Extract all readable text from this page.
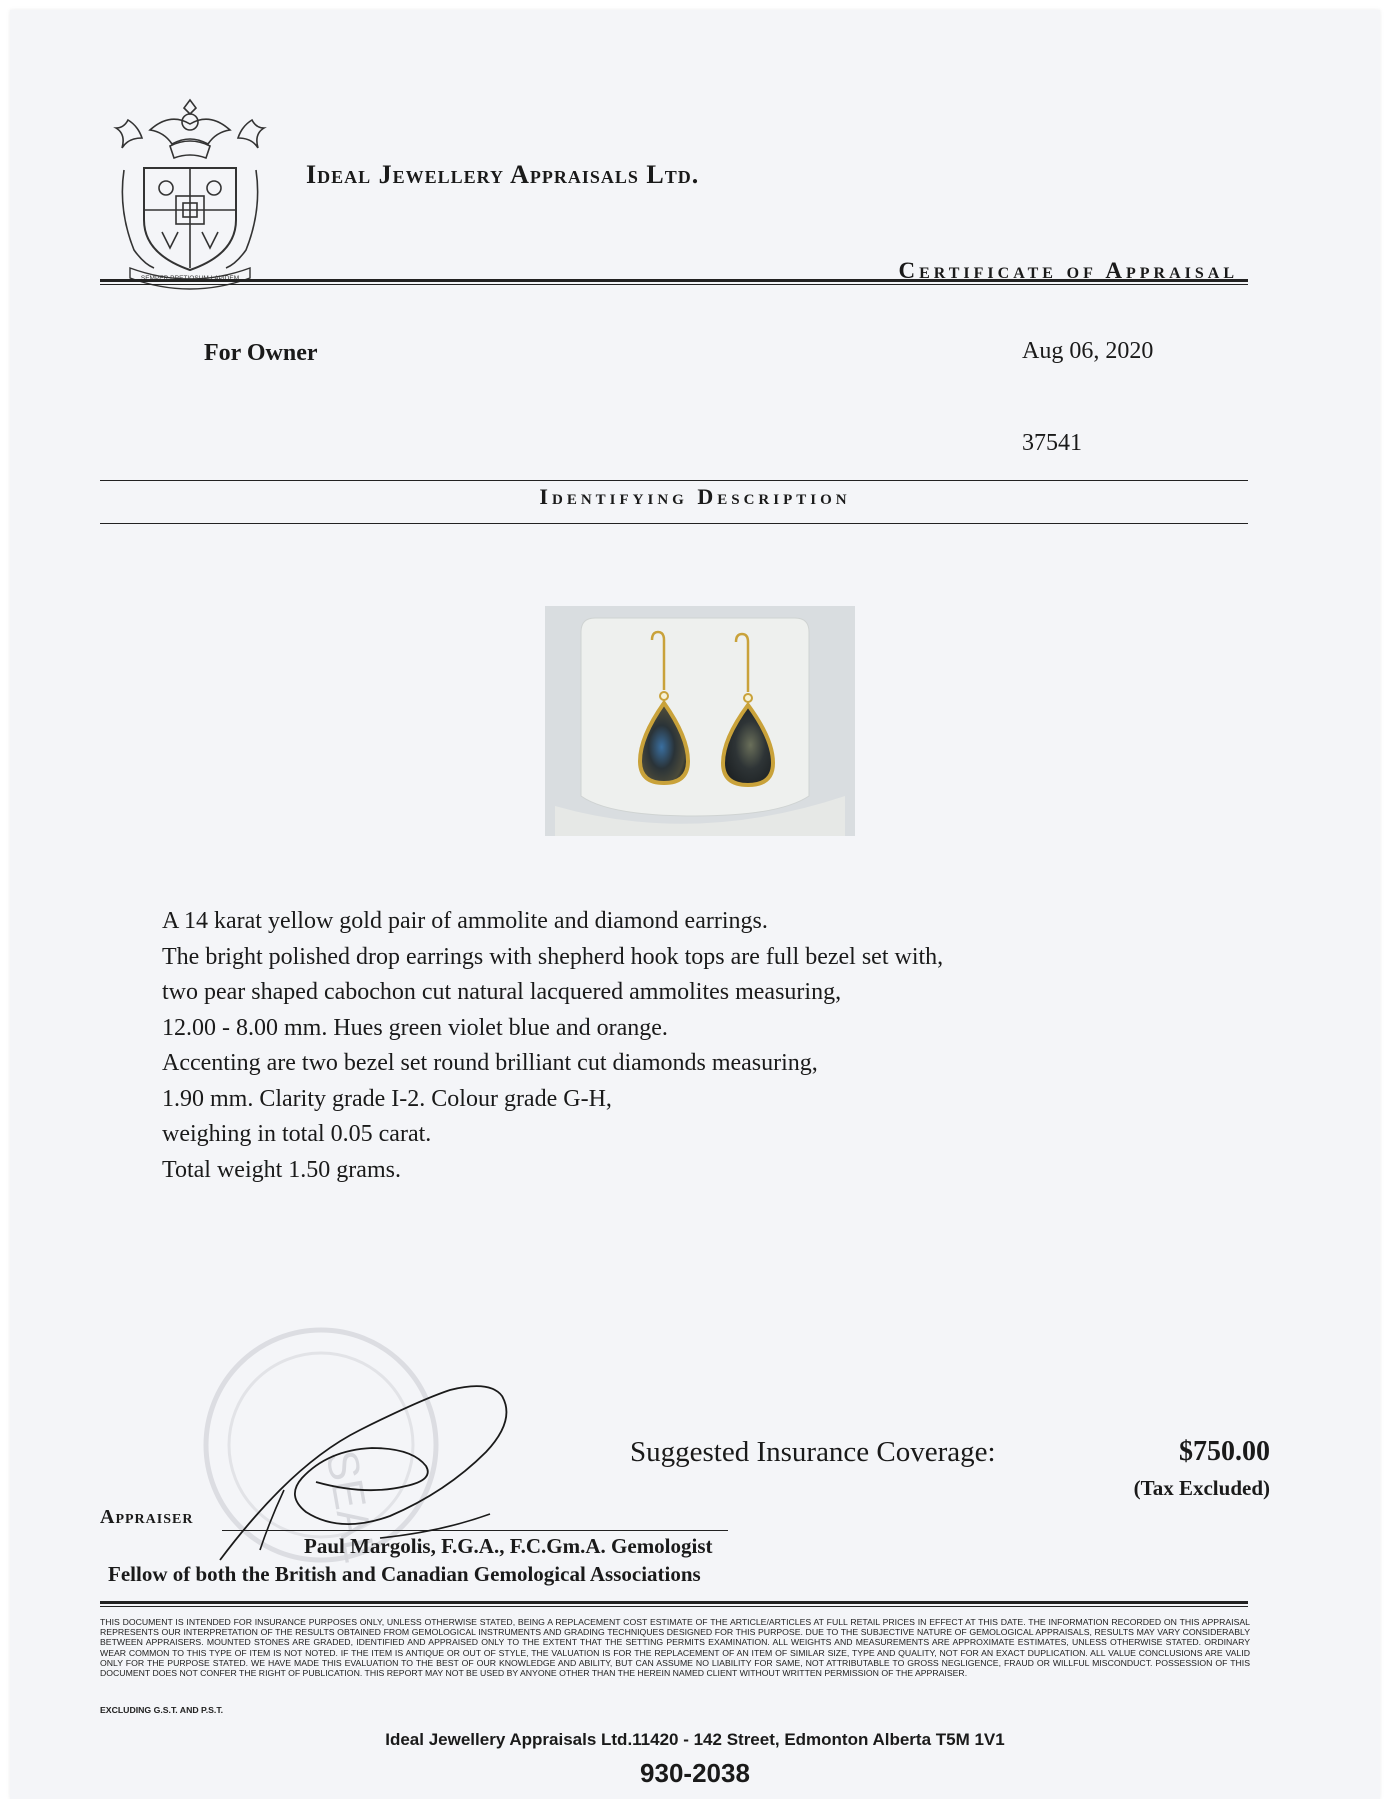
SEMPER PRETIOSUM LAPIDEM
Ideal Jewellery Appraisals Ltd.
Certificate of Appraisal
For Owner	Aug 06, 2020
37541
Identifying Description
A 14 karat yellow gold pair of ammolite and diamond earrings.
The bright polished drop earrings with shepherd hook tops are full bezel set with,
two pear shaped cabochon cut natural lacquered ammolites measuring,
12.00 - 8.00 mm. Hues green violet blue and orange.
Accenting are two bezel set round brilliant cut diamonds measuring,
1.90 mm. Clarity grade I-2. Colour grade G-H,
weighing in total 0.05 carat.
Total weight 1.50 grams.
SEAL	Suggested Insurance Coverage:	$750.00
(Tax Excluded)
Appraiser
Paul Margolis, F.G.A., F.C.Gm.A. Gemologist
Fellow of both the British and Canadian Gemological Associations
THIS DOCUMENT IS INTENDED FOR INSURANCE PURPOSES ONLY, UNLESS OTHERWISE STATED, BEING A REPLACEMENT COST ESTIMATE OF THE ARTICLE/ARTICLES AT FULL RETAIL PRICES IN EFFECT AT THIS DATE. THE INFORMATION RECORDED ON THIS APPRAISAL REPRESENTS OUR INTERPRETATION OF THE RESULTS OBTAINED FROM GEMOLOGICAL INSTRUMENTS AND GRADING TECHNIQUES DESIGNED FOR THIS PURPOSE. DUE TO THE SUBJECTIVE NATURE OF GEMOLOGICAL APPRAISALS, RESULTS MAY VARY CONSIDERABLY BETWEEN APPRAISERS. MOUNTED STONES ARE GRADED, IDENTIFIED AND APPRAISED ONLY TO THE EXTENT THAT THE SETTING PERMITS EXAMINATION. ALL WEIGHTS AND MEASUREMENTS ARE APPROXIMATE ESTIMATES, UNLESS OTHERWISE STATED. ORDINARY WEAR COMMON TO THIS TYPE OF ITEM IS NOT NOTED. IF THE ITEM IS ANTIQUE OR OUT OF STYLE, THE VALUATION IS FOR THE REPLACEMENT OF AN ITEM OF SIMILAR SIZE, TYPE AND QUALITY, NOT FOR AN EXACT DUPLICATION. ALL VALUE CONCLUSIONS ARE VALID ONLY FOR THE PURPOSE STATED. WE HAVE MADE THIS EVALUATION TO THE BEST OF OUR KNOWLEDGE AND ABILITY, BUT CAN ASSUME NO LIABILITY FOR SAME, NOT ATTRIBUTABLE TO GROSS NEGLIGENCE, FRAUD OR WILLFUL MISCONDUCT. POSSESSION OF THIS DOCUMENT DOES NOT CONFER THE RIGHT OF PUBLICATION. THIS REPORT MAY NOT BE USED BY ANYONE OTHER THAN THE HEREIN NAMED CLIENT WITHOUT WRITTEN PERMISSION OF THE APPRAISER.
EXCLUDING G.S.T. AND P.S.T.
Ideal Jewellery Appraisals Ltd.11420 - 142 Street, Edmonton Alberta T5M 1V1
930-2038
